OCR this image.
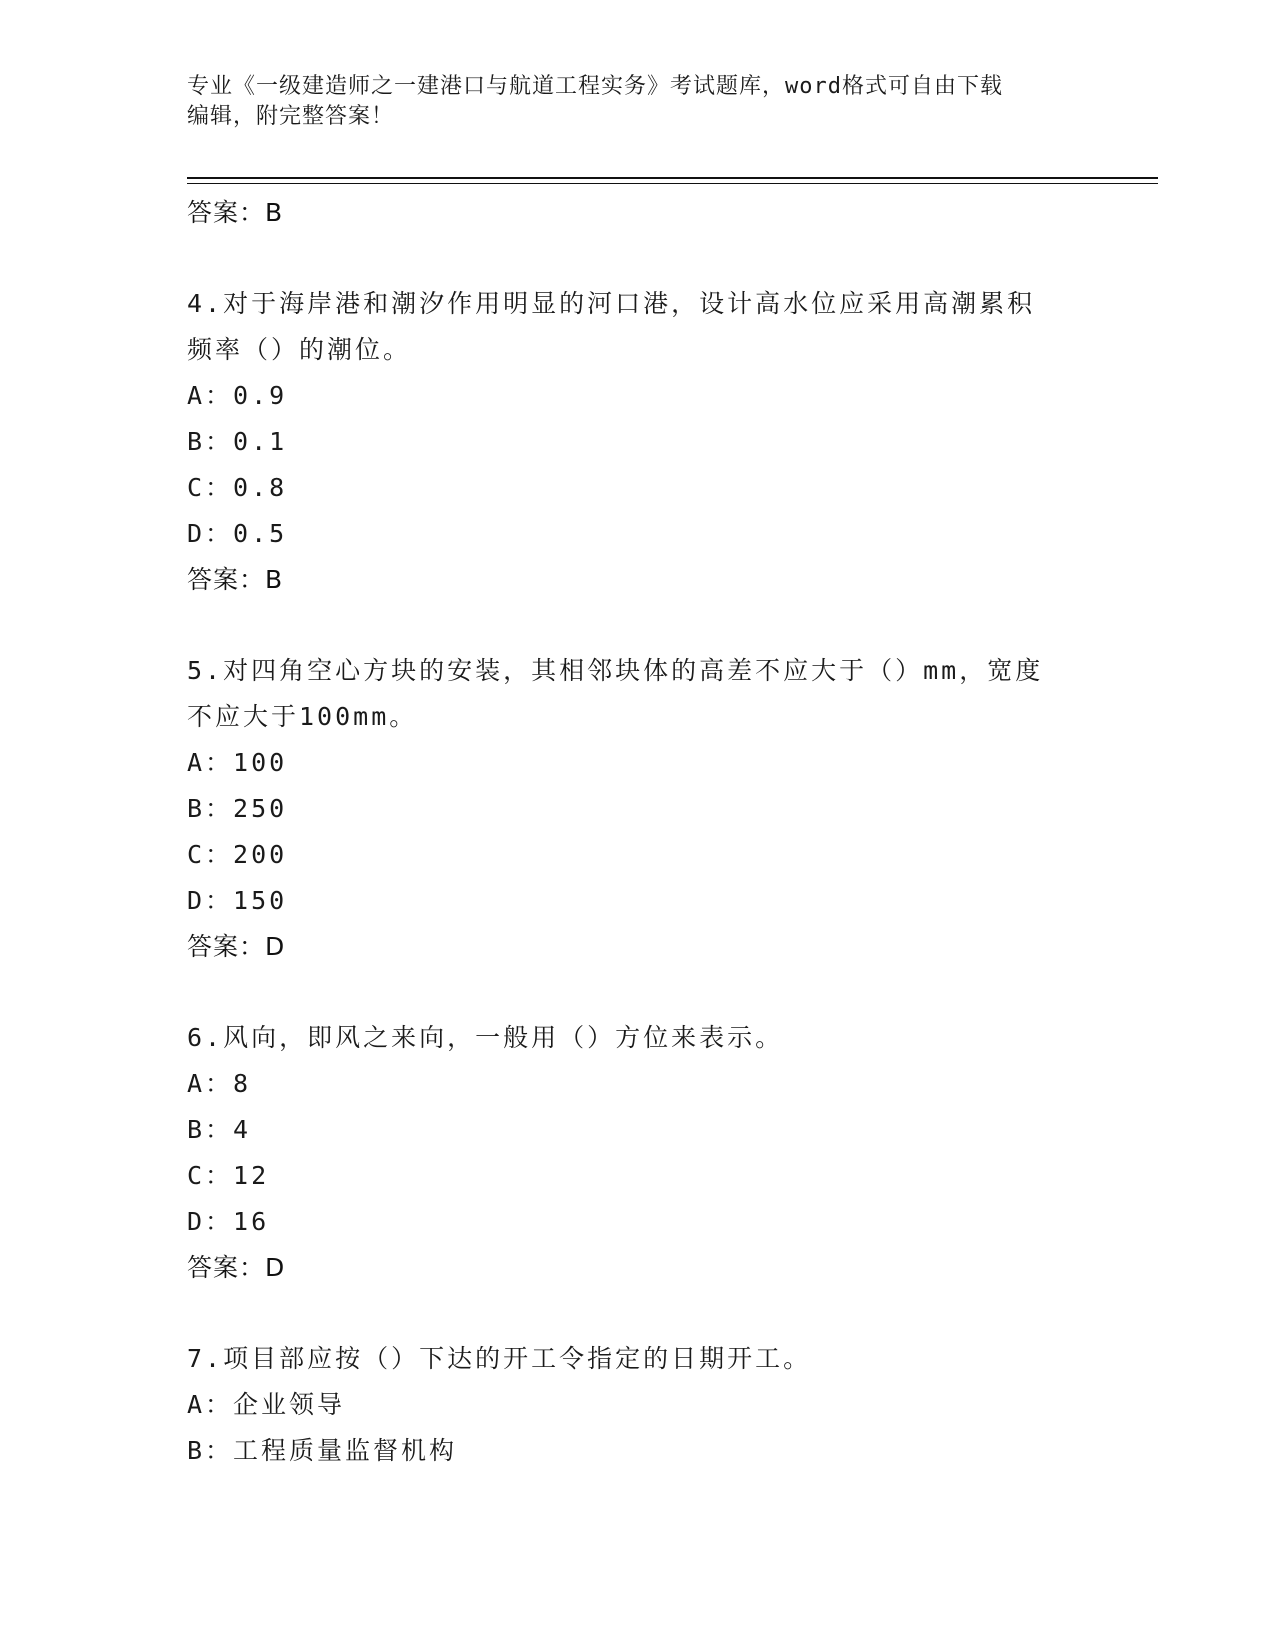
专业《一级建造师之一建港口与航道工程实务》考试题库，word格式可自由下载
编辑，附完整答案！
答案：B
4.对于海岸港和潮汐作用明显的河口港，设计高水位应采用高潮累积
频率（）的潮位。
A：0.9
B：0.1
C：0.8
D：0.5
答案：B
5.对四角空心方块的安装，其相邻块体的高差不应大于（）mm，宽度
不应大于100mm。
A：100
B：250
C：200
D：150
答案：D
6.风向，即风之来向，一般用（）方位来表示。
A：8
B：4
C：12
D：16
答案：D
7.项目部应按（）下达的开工令指定的日期开工。
A：企业领导
B：工程质量监督机构
